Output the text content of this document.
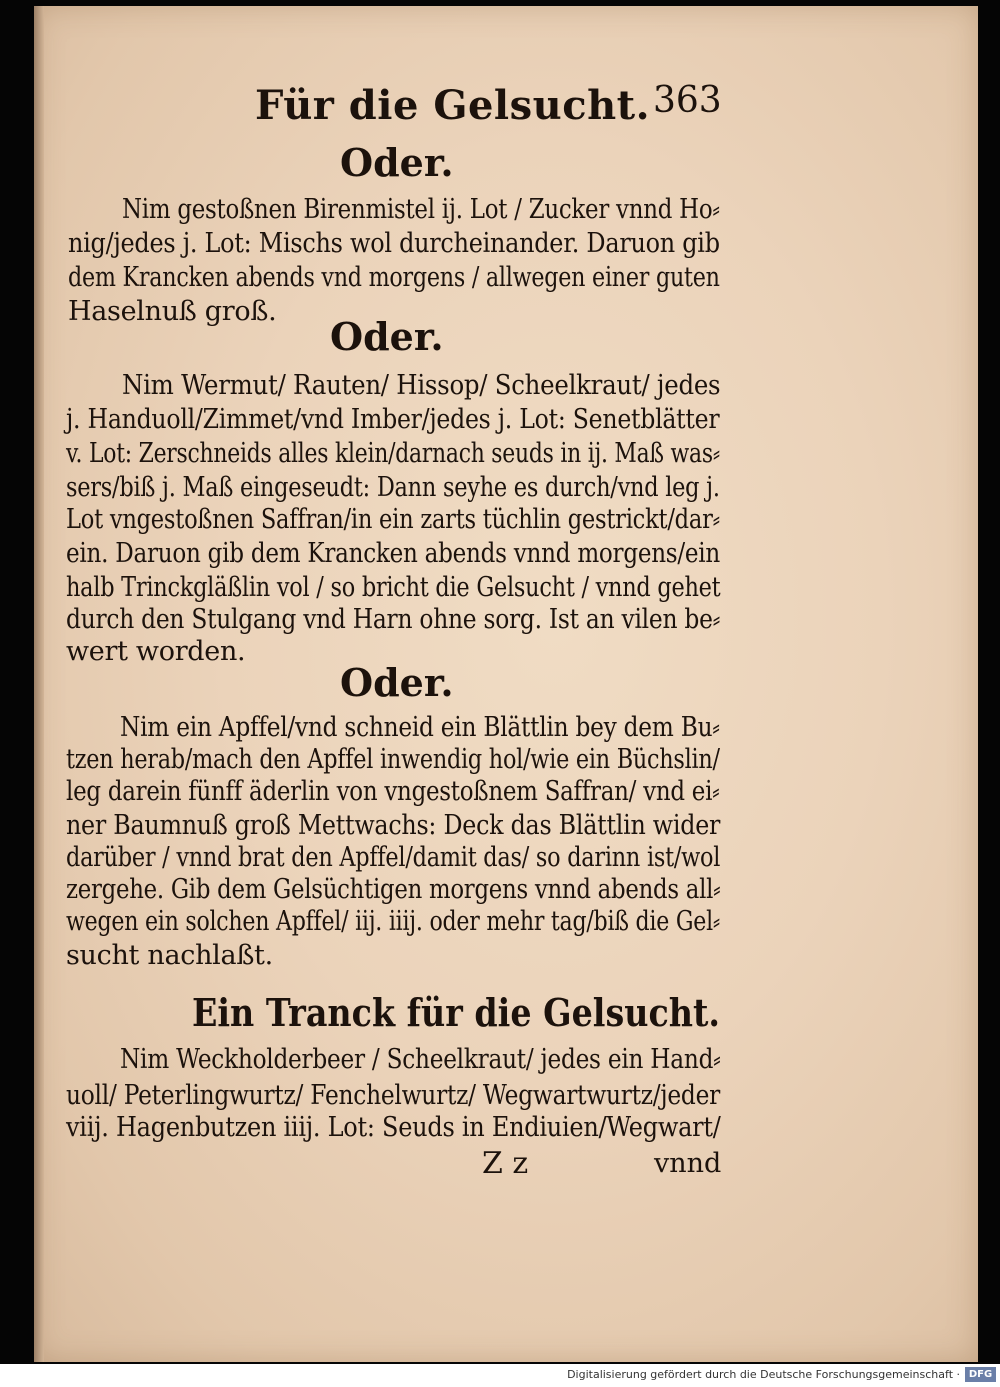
Für die Gelsucht. 363
Oder.
Nim gestoßnen Birenmistel ij. Lot / Zucker vnnd Ho⸗
nig/jedes j. Lot: Mischs wol durcheinander. Daruon gib
dem Krancken abends vnd morgens / allwegen einer guten
Haselnuß groß.
Oder.
Nim Wermut/ Rauten/ Hissop/ Scheelkraut/ jedes
j. Handuoll/Zimmet/vnd Imber/jedes j. Lot: Senetblätter
v. Lot: Zerschneids alles klein/darnach seuds in ij. Maß was⸗
sers/biß j. Maß eingeseudt: Dann seyhe es durch/vnd leg j.
Lot vngestoßnen Saffran/in ein zarts tüchlin gestrickt/dar⸗
ein. Daruon gib dem Krancken abends vnnd morgens/ein
halb Trinckgläßlin vol / so bricht die Gelsucht / vnnd gehet
durch den Stulgang vnd Harn ohne sorg. Ist an vilen be⸗
wert worden.
Oder.
Nim ein Apffel/vnd schneid ein Blättlin bey dem Bu⸗
tzen herab/mach den Apffel inwendig hol/wie ein Büchslin/
leg darein fünff äderlin von vngestoßnem Saffran/ vnd ei⸗
ner Baumnuß groß Mettwachs: Deck das Blättlin wider
darüber / vnnd brat den Apffel/damit das/ so darinn ist/wol
zergehe. Gib dem Gelsüchtigen morgens vnnd abends all⸗
wegen ein solchen Apffel/ iij. iiij. oder mehr tag/biß die Gel⸗
sucht nachlaßt.
Ein Tranck für die Gelsucht.
Nim Weckholderbeer / Scheelkraut/ jedes ein Hand⸗
uoll/ Peterlingwurtz/ Fenchelwurtz/ Wegwartwurtz/jeder
viij. Hagenbutzen iiij. Lot: Seuds in Endiuien/Wegwart/
Z z	vnnd
Digitalisierung gefördert durch die Deutsche Forschungsgemeinschaft · DFG
